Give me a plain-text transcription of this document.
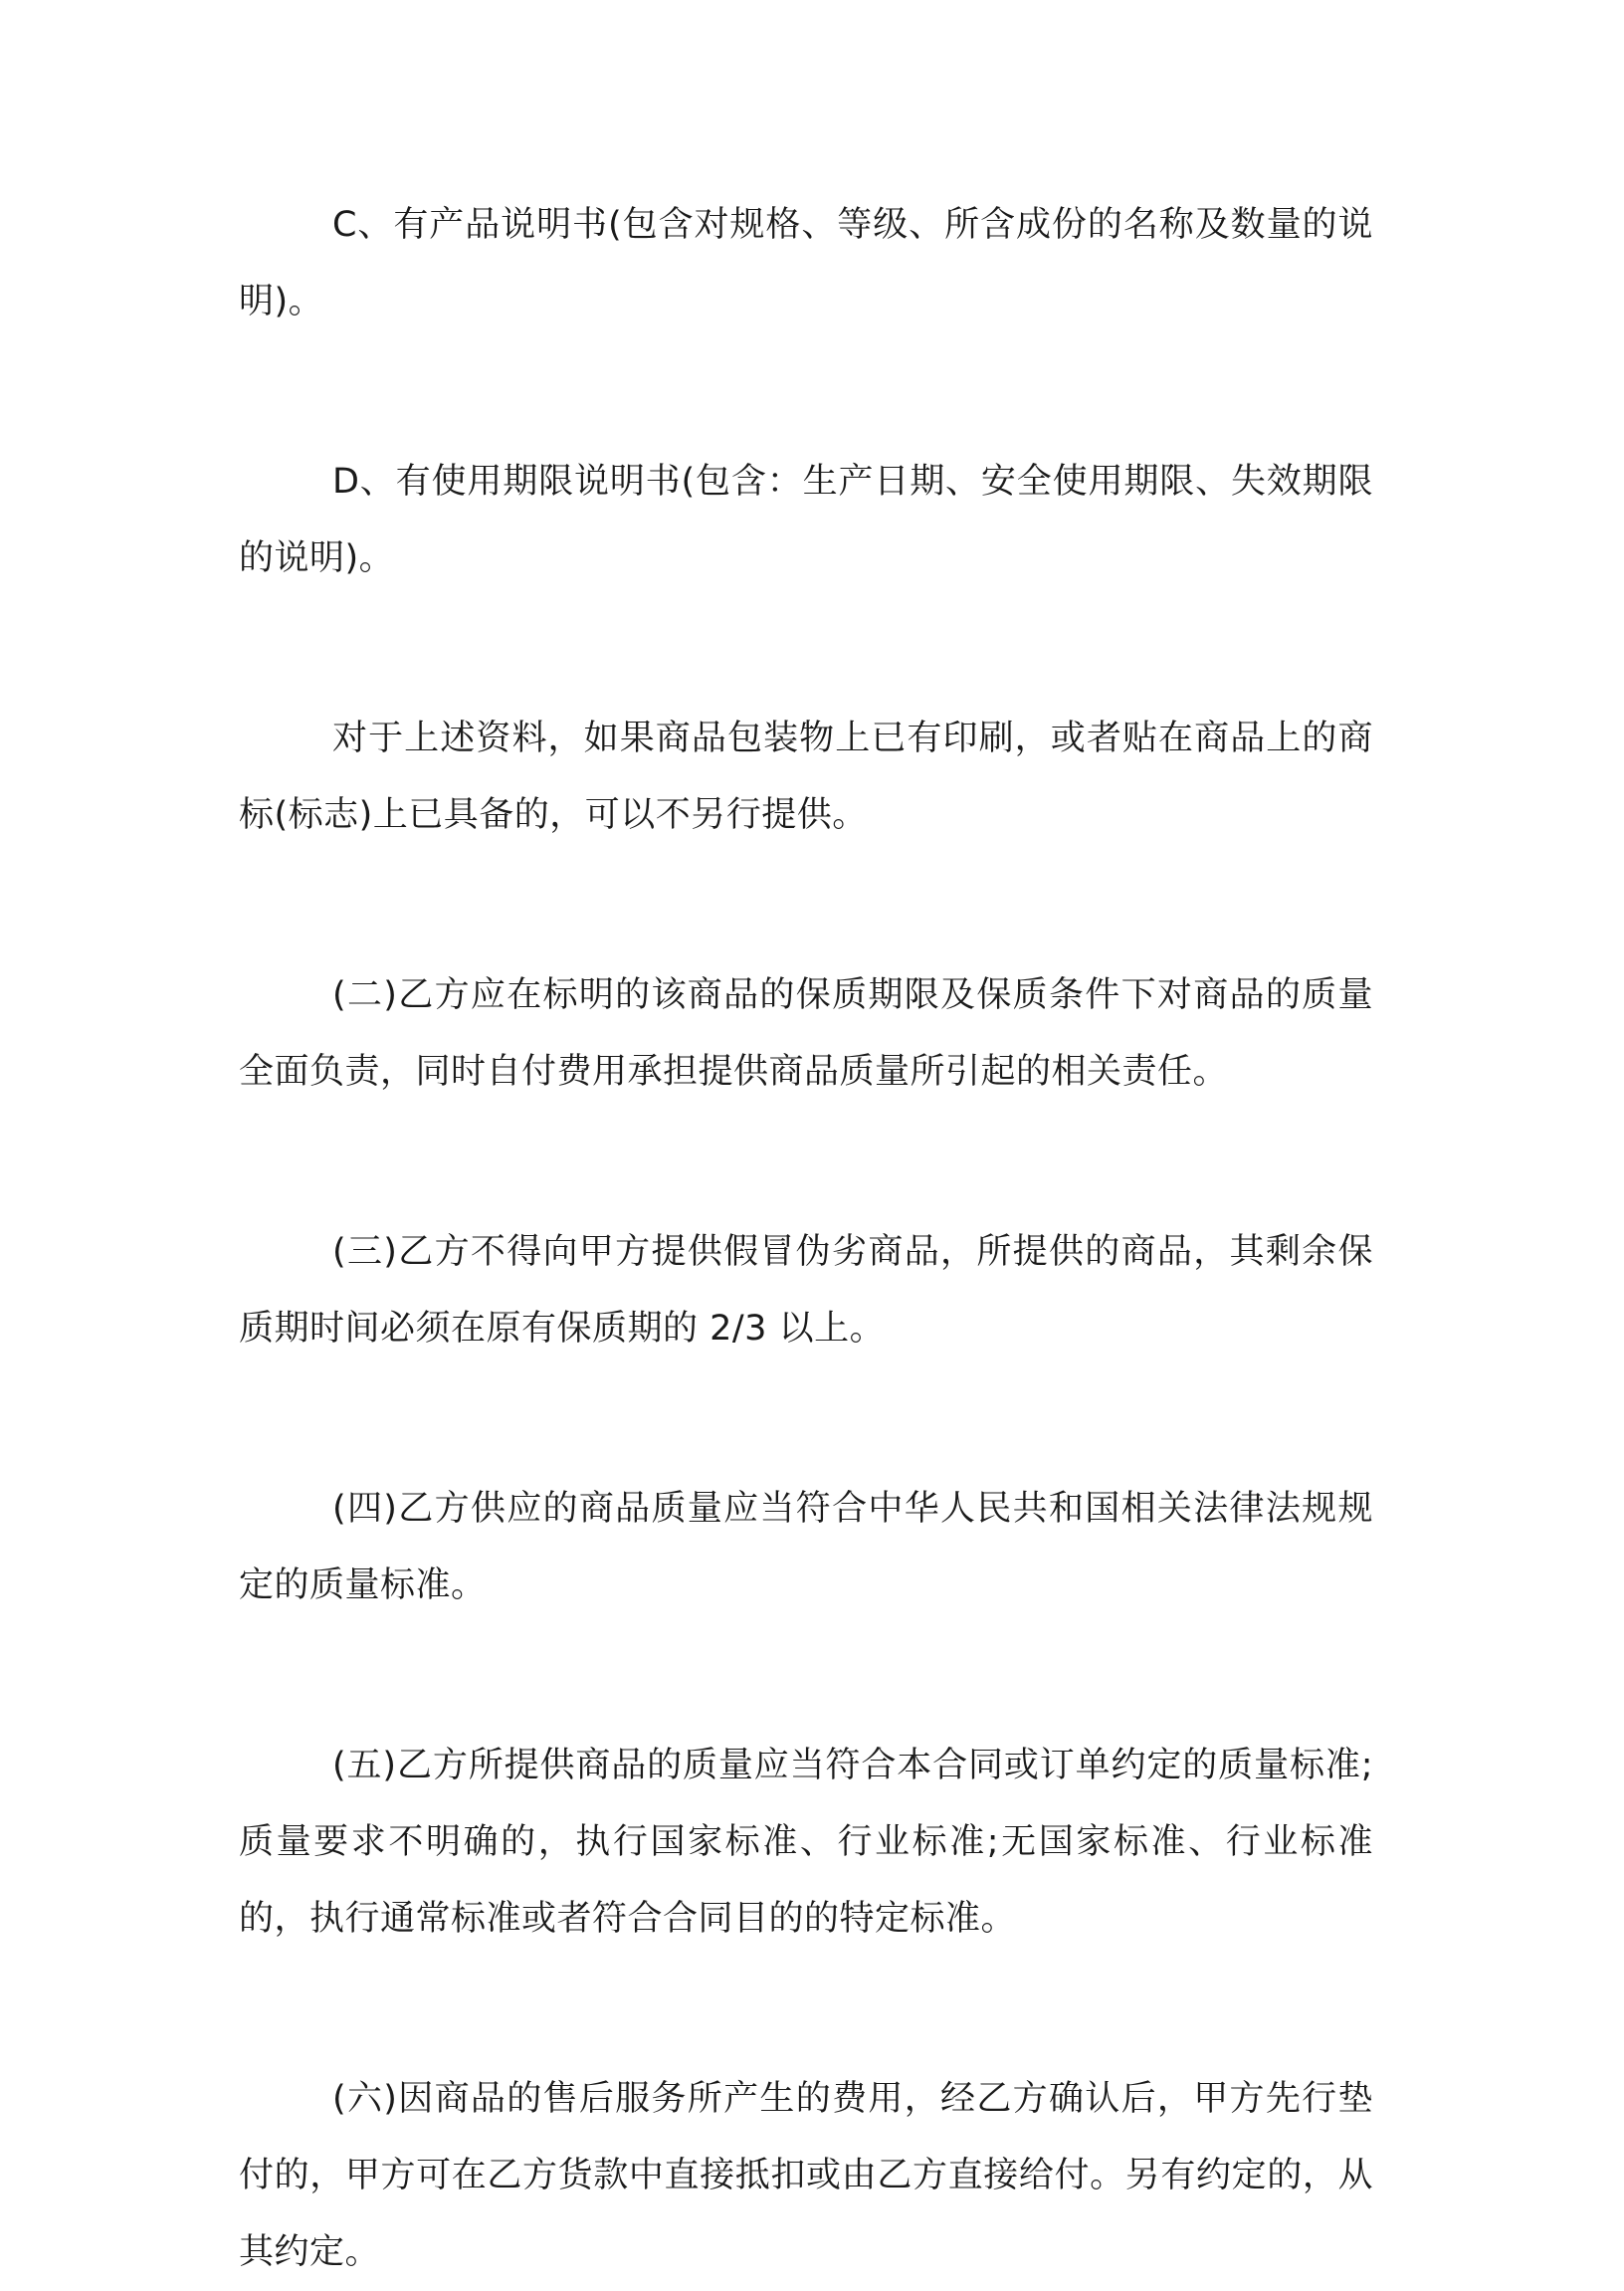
C、有产品说明书(包含对规格、等级、所含成份的名称及数量的说明)。

D、有使用期限说明书(包含：生产日期、安全使用期限、失效期限的说明)。

对于上述资料，如果商品包装物上已有印刷，或者贴在商品上的商标(标志)上已具备的，可以不另行提供。

(二)乙方应在标明的该商品的保质期限及保质条件下对商品的质量全面负责，同时自付费用承担提供商品质量所引起的相关责任。

(三)乙方不得向甲方提供假冒伪劣商品，所提供的商品，其剩余保质期时间必须在原有保质期的 2/3 以上。

(四)乙方供应的商品质量应当符合中华人民共和国相关法律法规规定的质量标准。

(五)乙方所提供商品的质量应当符合本合同或订单约定的质量标准;质量要求不明确的，执行国家标准、行业标准;无国家标准、行业标准的，执行通常标准或者符合合同目的的特定标准。

(六)因商品的售后服务所产生的费用，经乙方确认后，甲方先行垫付的，甲方可在乙方货款中直接抵扣或由乙方直接给付。另有约定的，从其约定。
